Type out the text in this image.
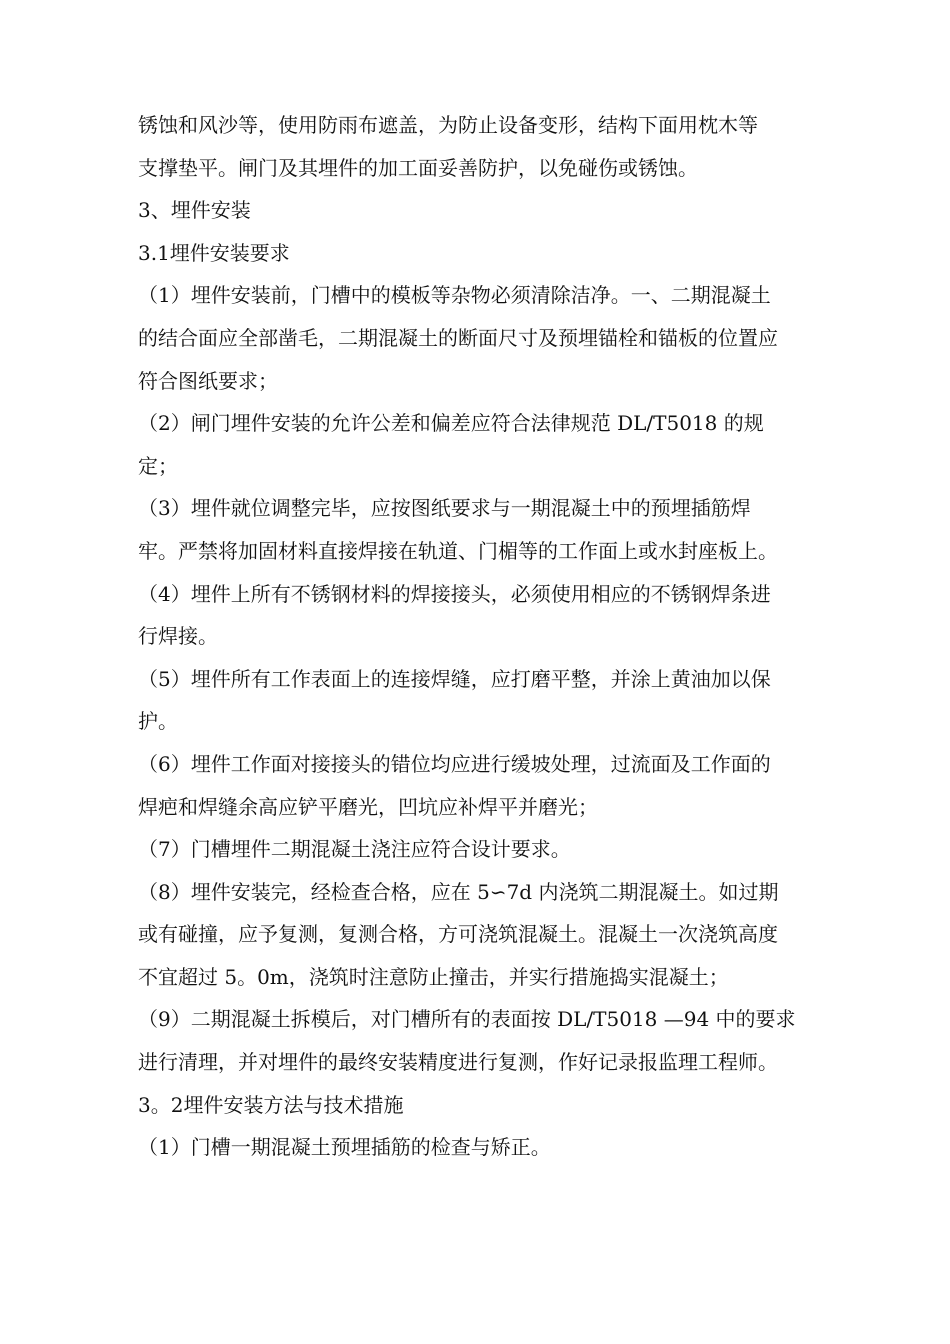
锈蚀和风沙等，使用防雨布遮盖，为防止设备变形，结构下面用枕木等
支撑垫平。闸门及其埋件的加工面妥善防护，以免碰伤或锈蚀。
3、埋件安装
3.1埋件安装要求
（1）埋件安装前，门槽中的模板等杂物必须清除洁净。一、二期混凝土
的结合面应全部凿毛，二期混凝土的断面尺寸及预埋锚栓和锚板的位置应
符合图纸要求；
（2）闸门埋件安装的允许公差和偏差应符合法律规范 DL/T5018 的规
定；
（3）埋件就位调整完毕，应按图纸要求与一期混凝土中的预埋插筋焊
牢。严禁将加固材料直接焊接在轨道、门楣等的工作面上或水封座板上。
（4）埋件上所有不锈钢材料的焊接接头，必须使用相应的不锈钢焊条进
行焊接。
（5）埋件所有工作表面上的连接焊缝，应打磨平整，并涂上黄油加以保
护。
（6）埋件工作面对接接头的错位均应进行缓坡处理，过流面及工作面的
焊疤和焊缝余高应铲平磨光，凹坑应补焊平并磨光；
（7）门槽埋件二期混凝土浇注应符合设计要求。
（8）埋件安装完，经检查合格，应在 5∽7d 内浇筑二期混凝土。如过期
或有碰撞，应予复测，复测合格，方可浇筑混凝土。混凝土一次浇筑高度
不宜超过 5。0m，浇筑时注意防止撞击，并实行措施捣实混凝土；
（9）二期混凝土拆模后，对门槽所有的表面按 DL/T5018 —94 中的要求
进行清理，并对埋件的最终安装精度进行复测，作好记录报监理工程师。
3。2埋件安装方法与技术措施
（1）门槽一期混凝土预埋插筋的检查与矫正。
